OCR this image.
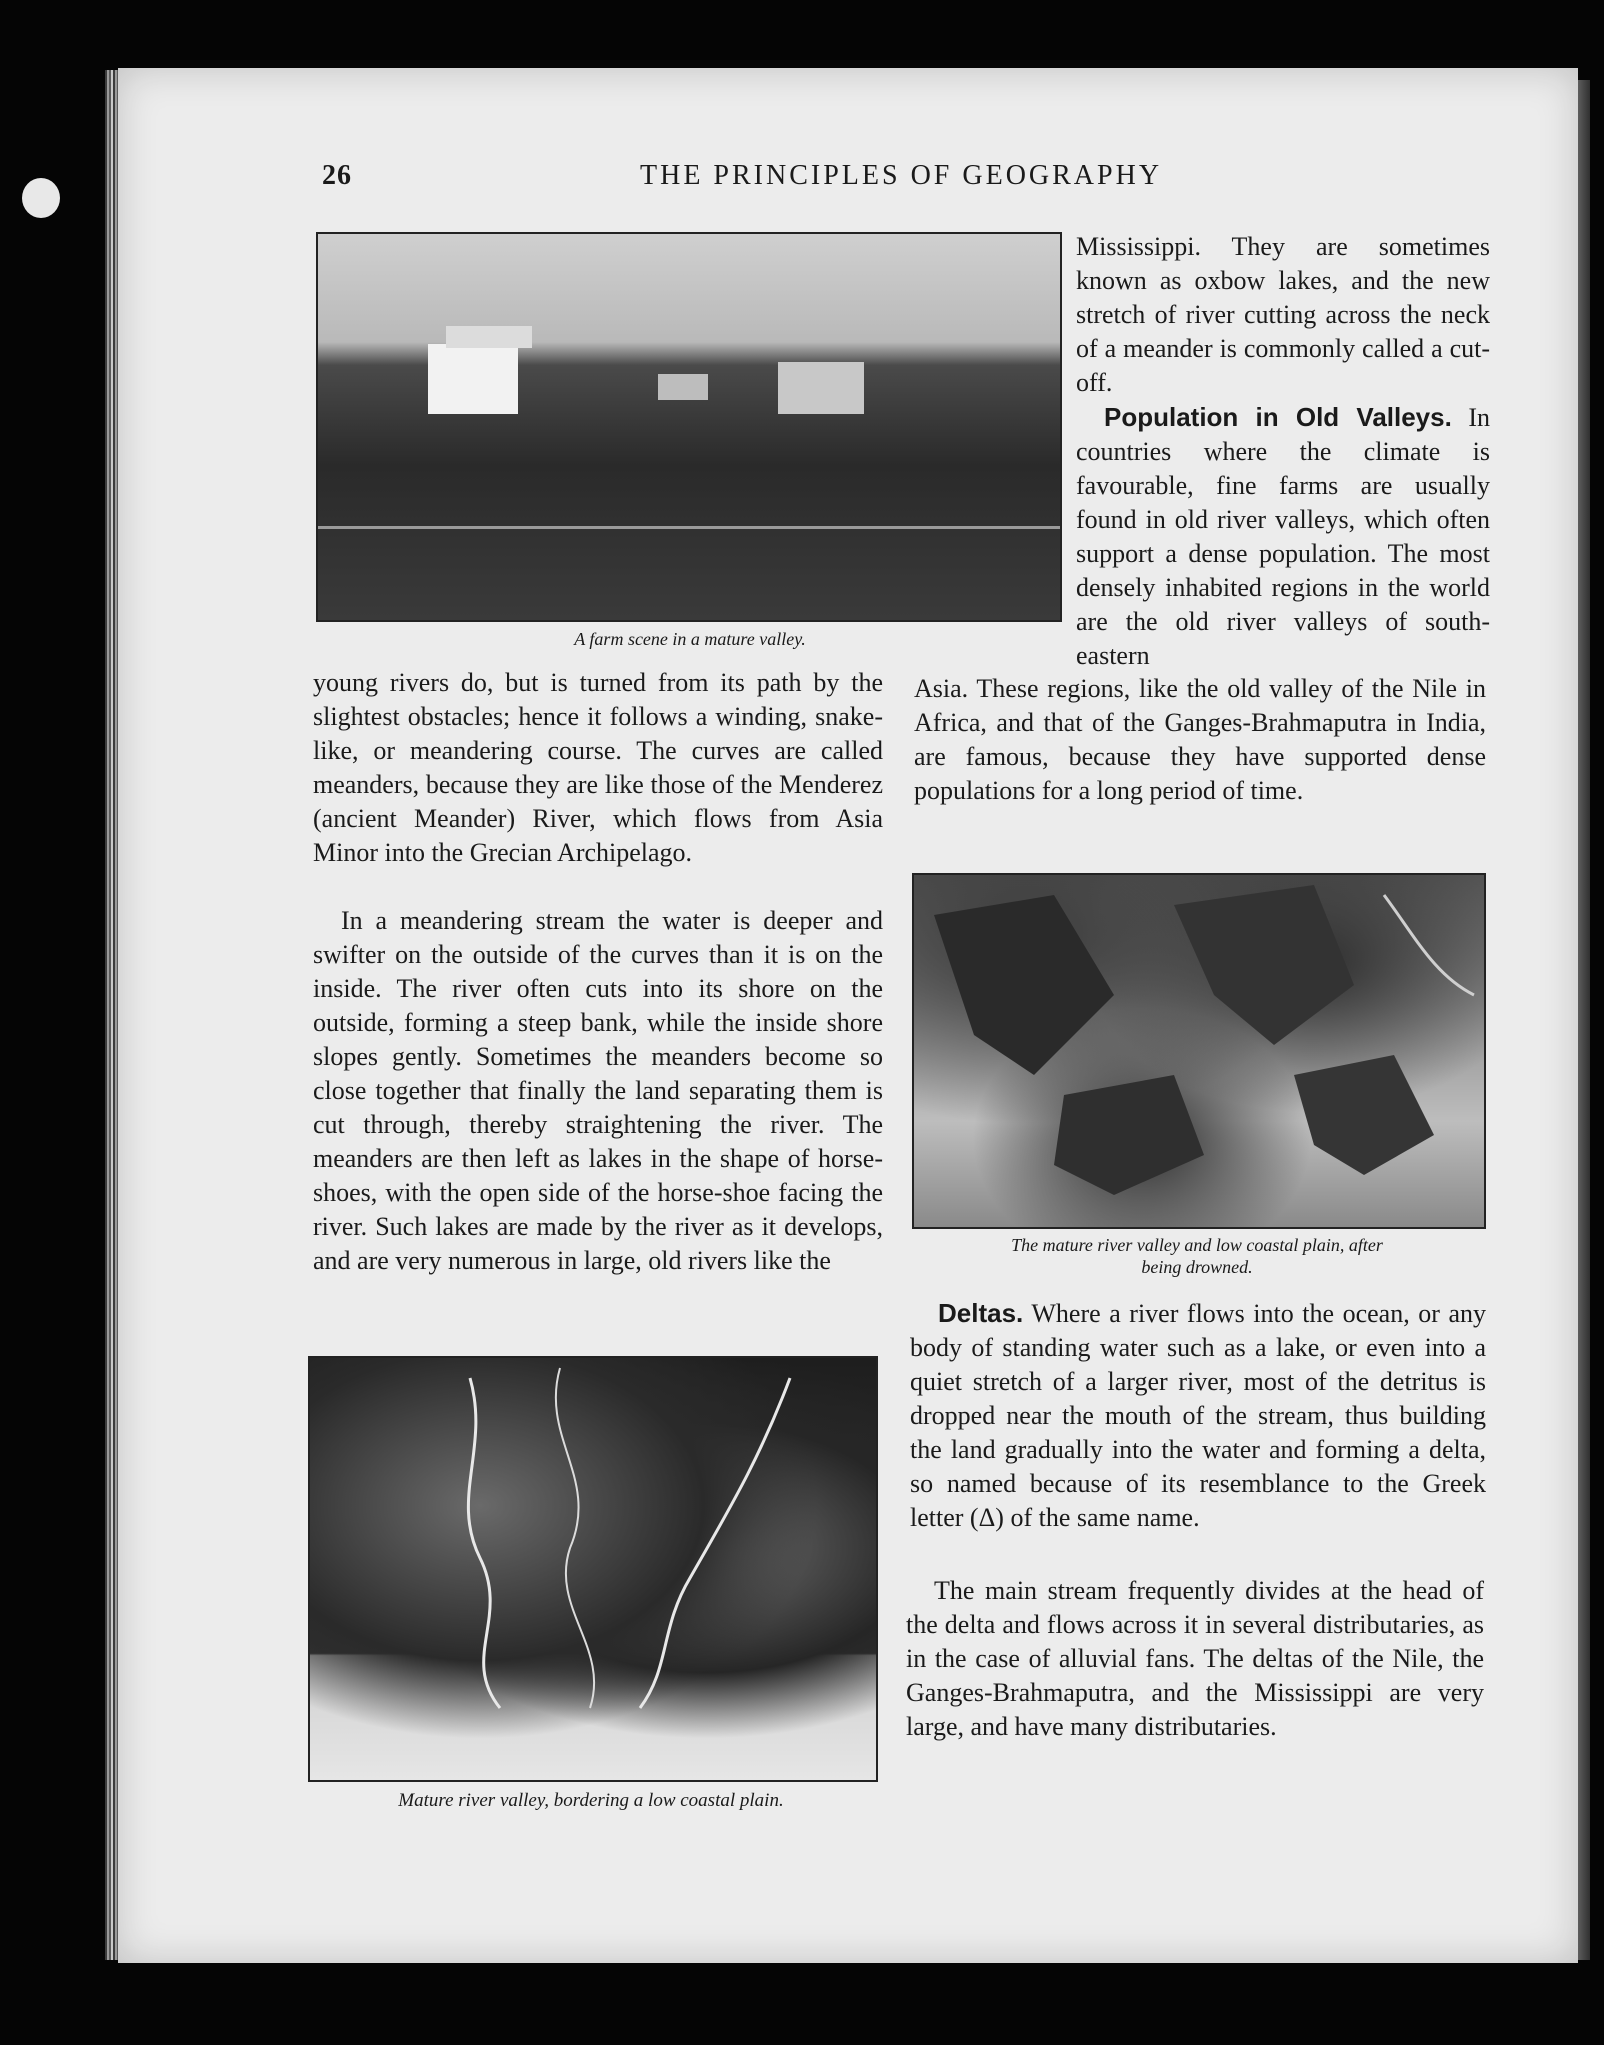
26	THE PRINCIPLES OF GEOGRAPHY
A farm scene in a mature valley.

young rivers do, but is turned from its path by the slightest obstacles; hence it follows a winding, snake-like, or meandering course. The curves are called meanders, because they are like those of the Menderez (ancient Meander) River, which flows from Asia Minor into the Grecian Archipelago.

In a meandering stream the water is deeper and swifter on the outside of the curves than it is on the inside. The river often cuts into its shore on the outside, forming a steep bank, while the inside shore slopes gently. Sometimes the meanders become so close together that finally the land separating them is cut through, thereby straightening the river. The meanders are then left as lakes in the shape of horse-shoes, with the open side of the horse-shoe facing the river. Such lakes are made by the river as it develops, and are very numerous in large, old rivers like the

Mature river valley, bordering a low coastal plain.

Mississippi. They are sometimes known as oxbow lakes, and the new stretch of river cutting across the neck of a meander is commonly called a cut-off.

Population in Old Valleys. In countries where the climate is favourable, fine farms are usually found in old river valleys, which often support a dense population. The most densely inhabited regions in the world are the old river valleys of south-eastern

Asia. These regions, like the old valley of the Nile in Africa, and that of the Ganges-Brahmaputra in India, are famous, because they have supported dense populations for a long period of time.

The mature river valley and low coastal plain, after
being drowned.

Deltas. Where a river flows into the ocean, or any body of standing water such as a lake, or even into a quiet stretch of a larger river, most of the detritus is dropped near the mouth of the stream, thus building the land gradually into the water and forming a delta, so named because of its resemblance to the Greek letter (Δ) of the same name.

The main stream frequently divides at the head of the delta and flows across it in several distributaries, as in the case of alluvial fans. The deltas of the Nile, the Ganges-Brahmaputra, and the Mississippi are very large, and have many distributaries.
